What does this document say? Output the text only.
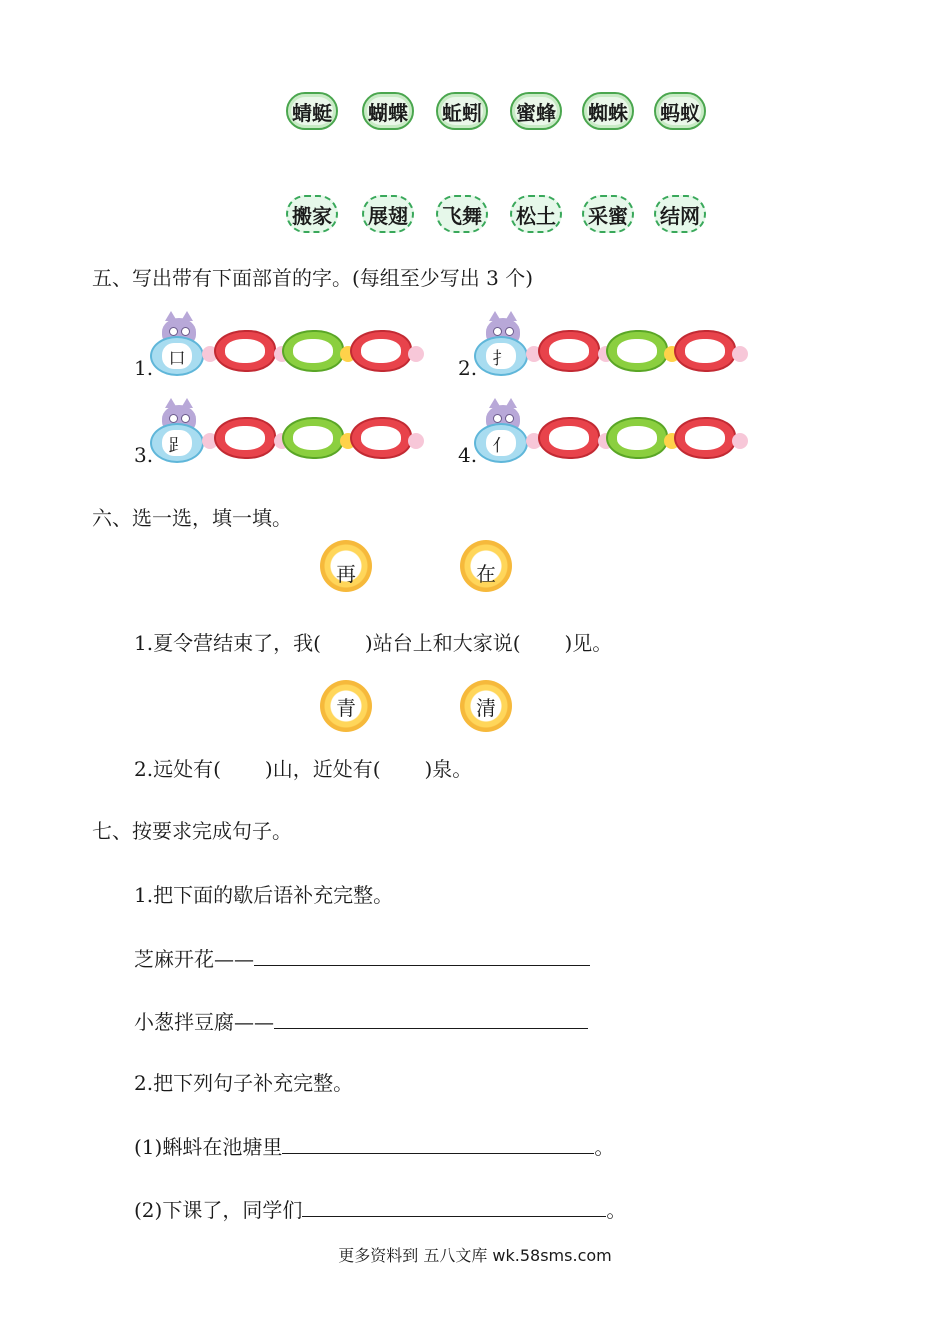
蜻蜓	蝴蝶	蚯蚓	蜜蜂	蜘蛛	蚂蚁
搬家	展翅	飞舞	松土	采蜜	结网
五、写出带有下面部首的字。(每组至少写出 3 个)
1. 口	2. 扌
3. 𧾷	4. 亻
六、选一选，填一填。
再	在
1.夏令营结束了，我( )站台上和大家说( )见。
青	清
2.远处有( )山，近处有( )泉。
七、按要求完成句子。
1.把下面的歇后语补充完整。
芝麻开花——
小葱拌豆腐——
2.把下列句子补充完整。
(1)蝌蚪在池塘里	。
(2)下课了，同学们	。
更多资料到 五八文库 wk.58sms.com
